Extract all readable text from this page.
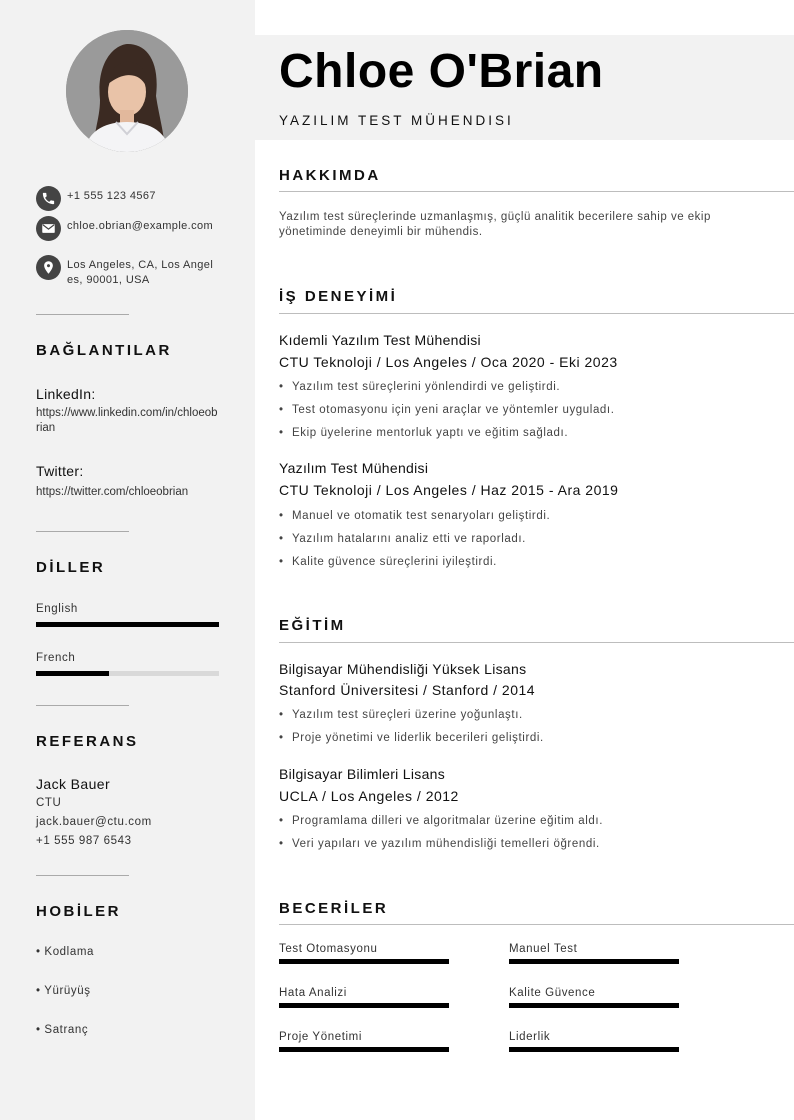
+1 555 123 4567
chloe.obrian@example.com
Los Angeles, CA, Los Angeles, 90001, USA
BAĞLANTILAR
LinkedIn:
https://www.linkedin.com/in/chloeobrian
Twitter:
https://twitter.com/chloeobrian
DİLLER
English
French
REFERANS
Jack Bauer
CTU
jack.bauer@ctu.com
+1 555 987 6543
HOBİLER
• Kodlama
• Yürüyüş
• Satranç
Chloe O'Brian
YAZILIM TEST MÜHENDISI
HAKKIMDA
Yazılım test süreçlerinde uzmanlaşmış, güçlü analitik becerilere sahip ve ekip yönetiminde deneyimli bir mühendis.
İŞ DENEYİMİ
Kıdemli Yazılım Test Mühendisi
CTU Teknoloji / Los Angeles / Oca 2020 - Eki 2023
• Yazılım test süreçlerini yönlendirdi ve geliştirdi.
• Test otomasyonu için yeni araçlar ve yöntemler uyguladı.
• Ekip üyelerine mentorluk yaptı ve eğitim sağladı.
Yazılım Test Mühendisi
CTU Teknoloji / Los Angeles / Haz 2015 - Ara 2019
• Manuel ve otomatik test senaryoları geliştirdi.
• Yazılım hatalarını analiz etti ve raporladı.
• Kalite güvence süreçlerini iyileştirdi.
EĞİTİM
Bilgisayar Mühendisliği Yüksek Lisans
Stanford Üniversitesi / Stanford / 2014
• Yazılım test süreçleri üzerine yoğunlaştı.
• Proje yönetimi ve liderlik becerileri geliştirdi.
Bilgisayar Bilimleri Lisans
UCLA / Los Angeles / 2012
• Programlama dilleri ve algoritmalar üzerine eğitim aldı.
• Veri yapıları ve yazılım mühendisliği temelleri öğrendi.
BECERİLER
Test Otomasyonu	Manuel Test
Hata Analizi	Kalite Güvence
Proje Yönetimi	Liderlik
